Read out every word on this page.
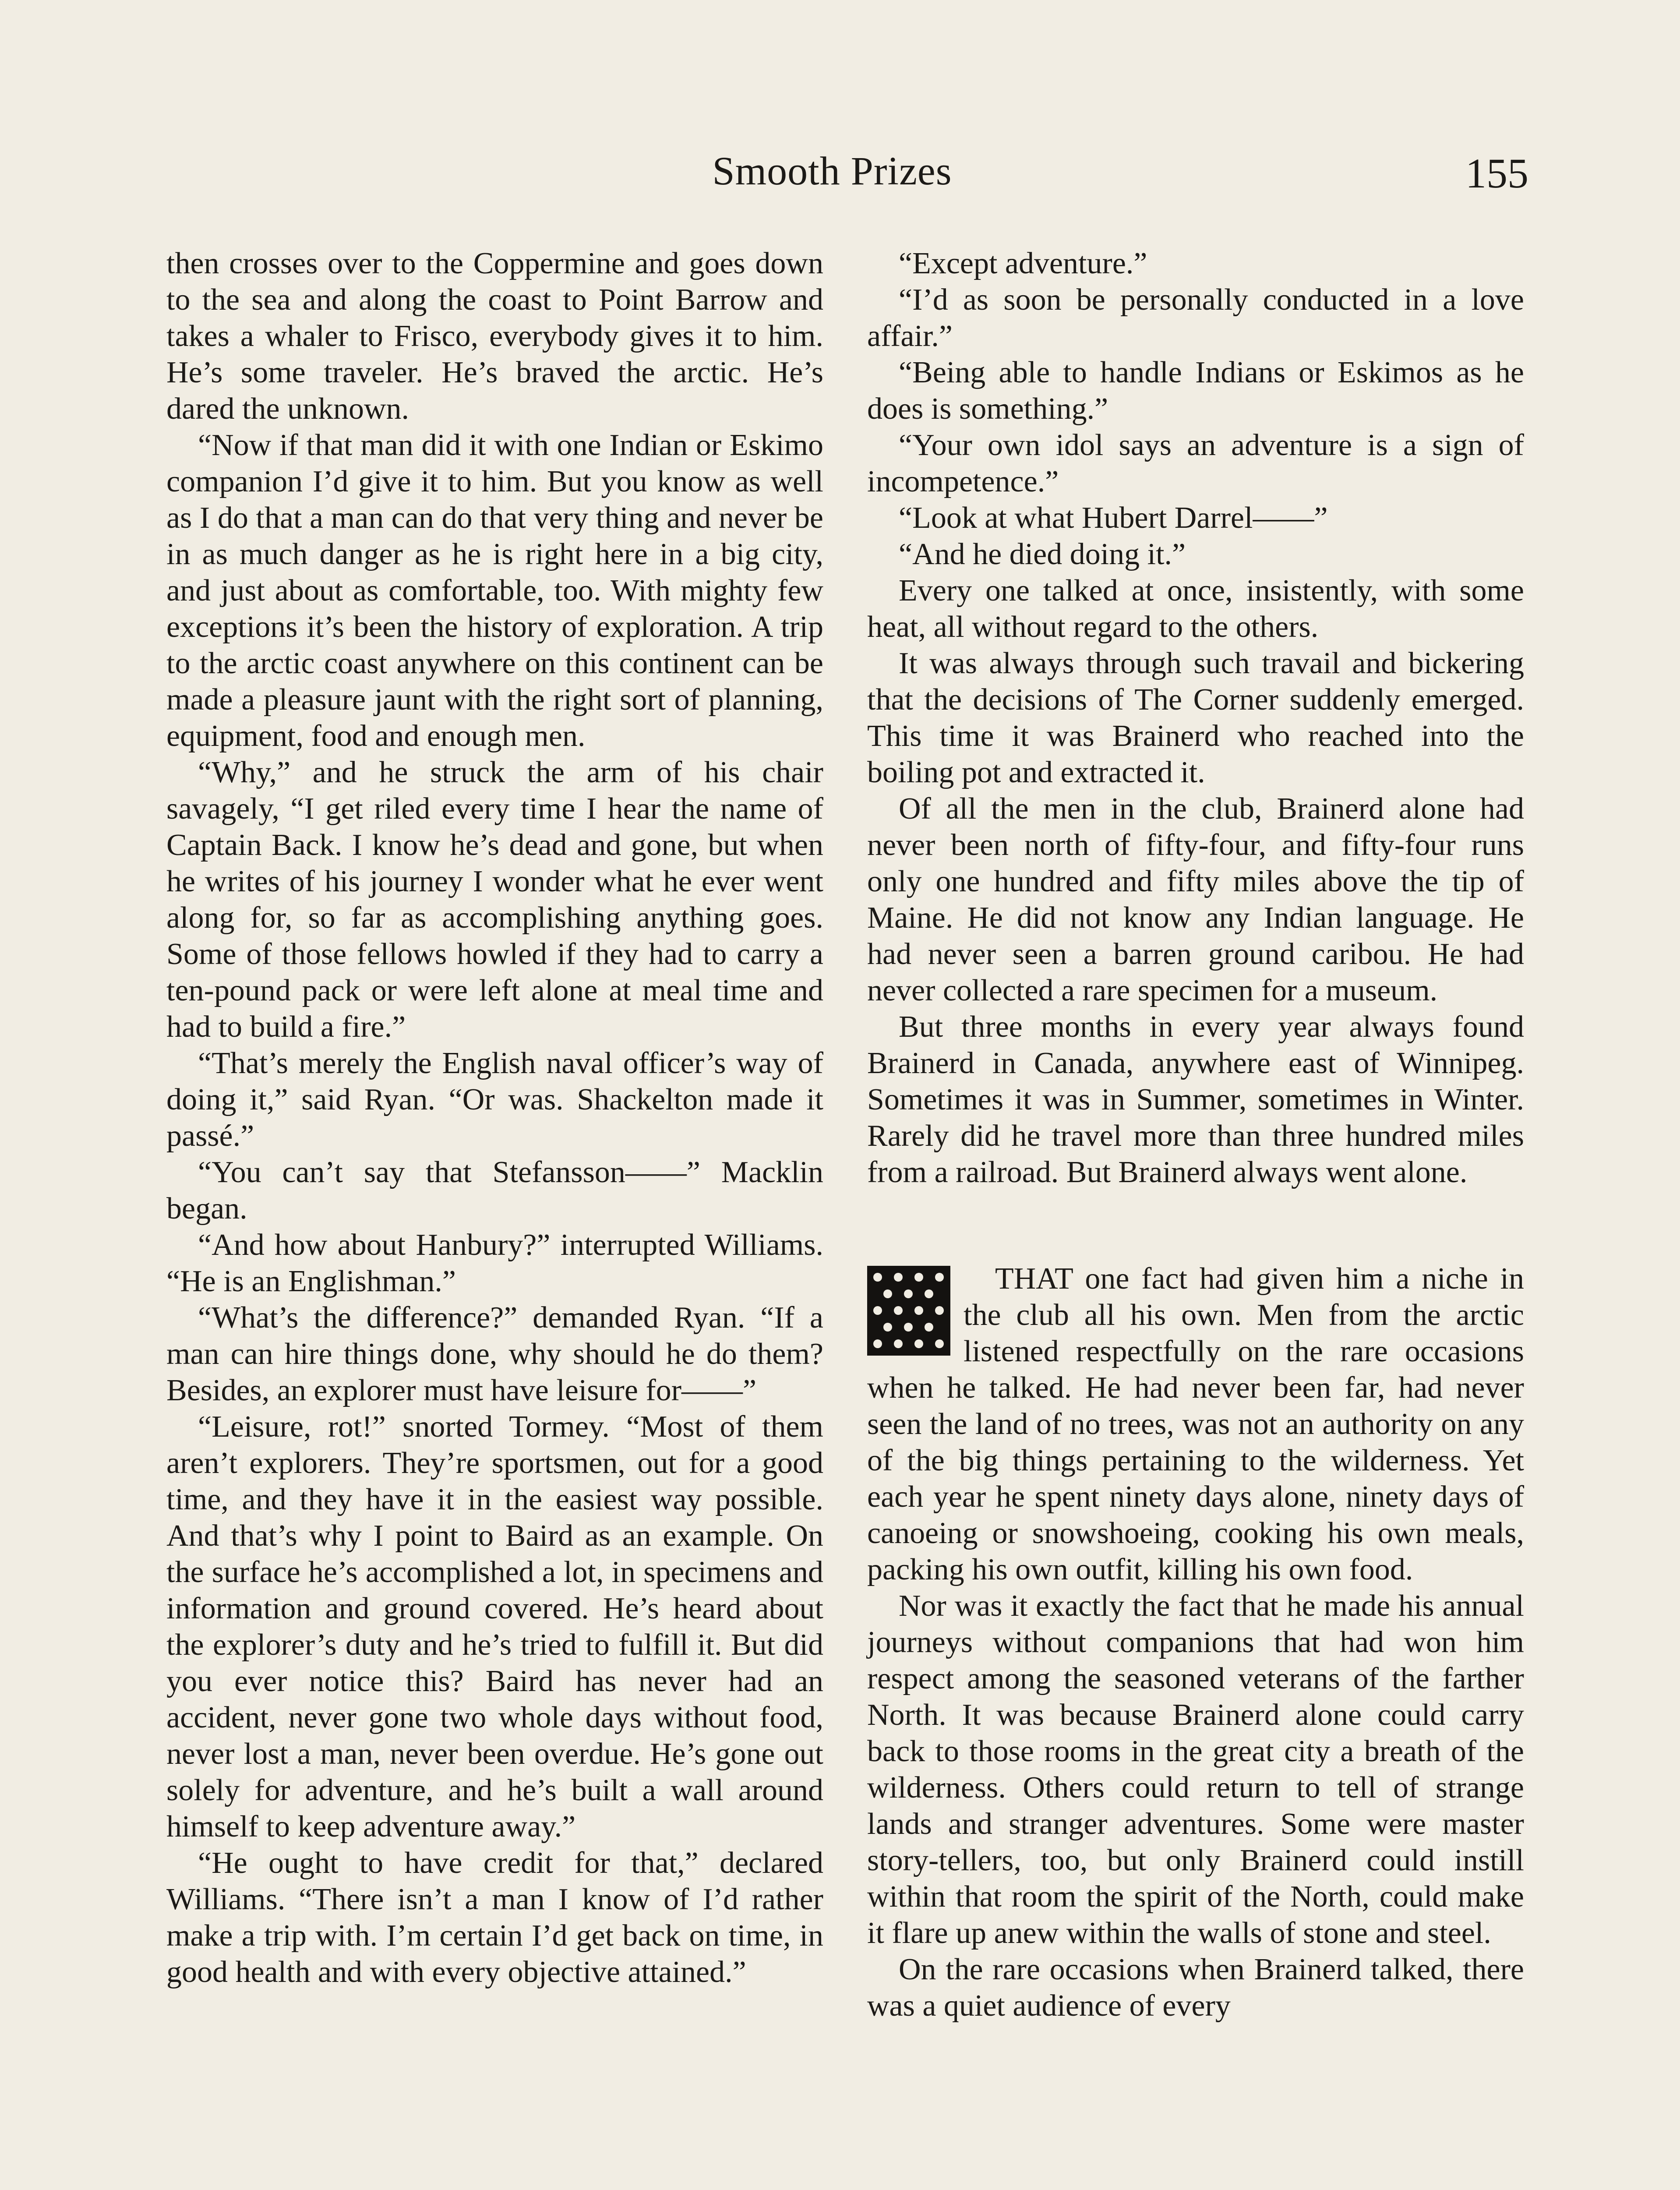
Smooth Prizes	155

then crosses over to the Coppermine and goes down to the sea and along the coast to Point Barrow and takes a whaler to Frisco, everybody gives it to him. He’s some traveler. He’s braved the arctic. He’s dared the unknown.

“Now if that man did it with one Indian or Eskimo companion I’d give it to him. But you know as well as I do that a man can do that very thing and never be in as much danger as he is right here in a big city, and just about as comfortable, too. With mighty few exceptions it’s been the history of exploration. A trip to the arctic coast anywhere on this continent can be made a pleasure jaunt with the right sort of planning, equipment, food and enough men.

“Why,” and he struck the arm of his chair savagely, “I get riled every time I hear the name of Captain Back. I know he’s dead and gone, but when he writes of his journey I wonder what he ever went along for, so far as accomplishing anything goes. Some of those fellows howled if they had to carry a ten-pound pack or were left alone at meal time and had to build a fire.”

“That’s merely the English naval officer’s way of doing it,” said Ryan. “Or was. Shackelton made it passé.”

“You can’t say that Stefansson——” Macklin began.

“And how about Hanbury?” interrupted Williams. “He is an Englishman.”

“What’s the difference?” demanded Ryan. “If a man can hire things done, why should he do them? Besides, an explorer must have leisure for——”

“Leisure, rot!” snorted Tormey. “Most of them aren’t explorers. They’re sportsmen, out for a good time, and they have it in the easiest way possible. And that’s why I point to Baird as an example. On the surface he’s accomplished a lot, in specimens and information and ground covered. He’s heard about the explorer’s duty and he’s tried to fulfill it. But did you ever notice this? Baird has never had an accident, never gone two whole days without food, never lost a man, never been overdue. He’s gone out solely for adventure, and he’s built a wall around himself to keep adventure away.”

“He ought to have credit for that,” declared Williams. “There isn’t a man I know of I’d rather make a trip with. I’m certain I’d get back on time, in good health and with every objective attained.”

“Except adventure.”

“I’d as soon be personally conducted in a love affair.”

“Being able to handle Indians or Eskimos as he does is something.”

“Your own idol says an adventure is a sign of incompetence.”

“Look at what Hubert Darrel——”

“And he died doing it.”

Every one talked at once, insistently, with some heat, all without regard to the others.

It was always through such travail and bickering that the decisions of The Corner suddenly emerged. This time it was Brainerd who reached into the boiling pot and extracted it.

Of all the men in the club, Brainerd alone had never been north of fifty-four, and fifty-four runs only one hundred and fifty miles above the tip of Maine. He did not know any Indian language. He had never seen a barren ground caribou. He had never collected a rare specimen for a museum.

But three months in every year always found Brainerd in Canada, anywhere east of Winnipeg. Sometimes it was in Summer, sometimes in Winter. Rarely did he travel more than three hundred miles from a railroad. But Brainerd always went alone.

THAT one fact had given him a niche in the club all his own. Men from the arctic listened respectfully on the rare occasions when he talked. He had never been far, had never seen the land of no trees, was not an authority on any of the big things pertaining to the wilderness. Yet each year he spent ninety days alone, ninety days of canoeing or snowshoeing, cooking his own meals, packing his own outfit, killing his own food.

Nor was it exactly the fact that he made his annual journeys without companions that had won him respect among the seasoned veterans of the farther North. It was because Brainerd alone could carry back to those rooms in the great city a breath of the wilderness. Others could return to tell of strange lands and stranger adventures. Some were master story-tellers, too, but only Brainerd could instill within that room the spirit of the North, could make it flare up anew within the walls of stone and steel.

On the rare occasions when Brainerd talked, there was a quiet audience of every
